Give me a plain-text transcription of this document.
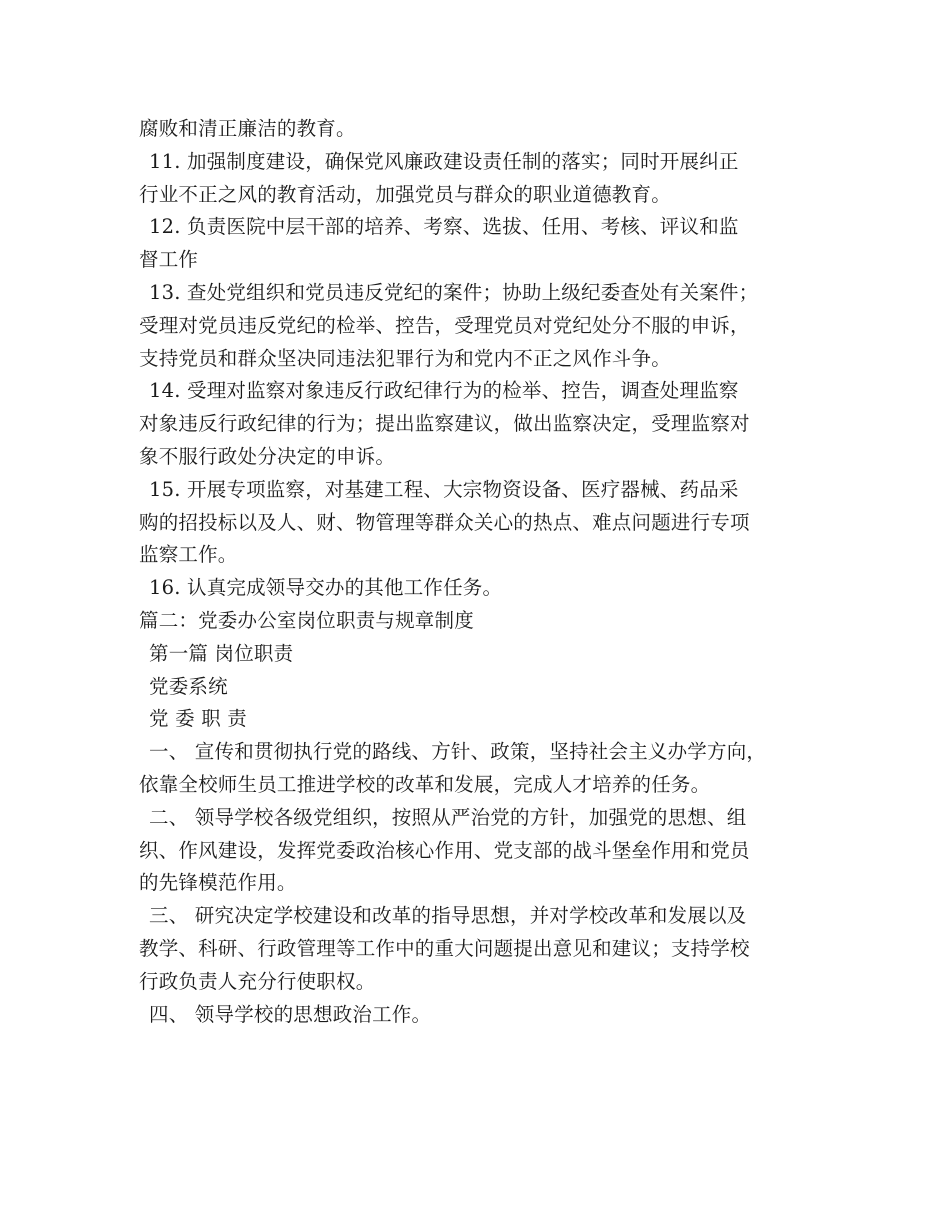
腐败和清正廉洁的教育。
11. 加强制度建设，确保党风廉政建设责任制的落实；同时开展纠正
行业不正之风的教育活动，加强党员与群众的职业道德教育。
12. 负责医院中层干部的培养、考察、选拔、任用、考核、评议和监
督工作
13. 查处党组织和党员违反党纪的案件；协助上级纪委查处有关案件；
受理对党员违反党纪的检举、控告，受理党员对党纪处分不服的申诉，
支持党员和群众坚决同违法犯罪行为和党内不正之风作斗争。
14. 受理对监察对象违反行政纪律行为的检举、控告，调查处理监察
对象违反行政纪律的行为；提出监察建议，做出监察决定，受理监察对
象不服行政处分决定的申诉。
15. 开展专项监察，对基建工程、大宗物资设备、医疗器械、药品采
购的招投标以及人、财、物管理等群众关心的热点、难点问题进行专项
监察工作。
16. 认真完成领导交办的其他工作任务。
篇二：党委办公室岗位职责与规章制度
第一篇 岗位职责
党委系统
党 委 职 责
一、 宣传和贯彻执行党的路线、方针、政策，坚持社会主义办学方向，
依靠全校师生员工推进学校的改革和发展，完成人才培养的任务。
二、 领导学校各级党组织，按照从严治党的方针，加强党的思想、组
织、作风建设，发挥党委政治核心作用、党支部的战斗堡垒作用和党员
的先锋模范作用。
三、 研究决定学校建设和改革的指导思想，并对学校改革和发展以及
教学、科研、行政管理等工作中的重大问题提出意见和建议；支持学校
行政负责人充分行使职权。
四、 领导学校的思想政治工作。
